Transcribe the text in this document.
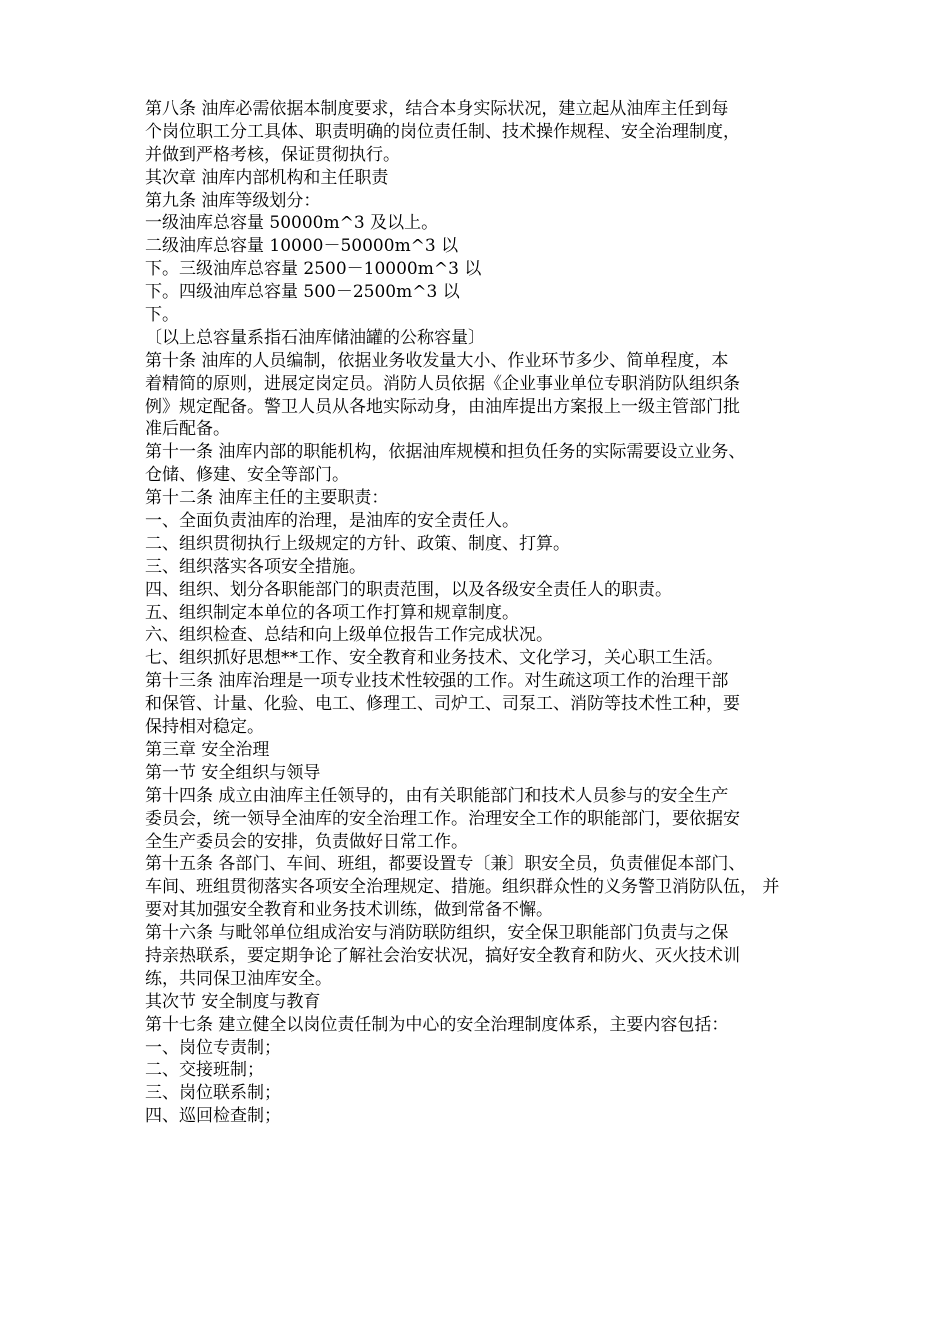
第八条 油库必需依据本制度要求，结合本身实际状况，建立起从油库主任到每
个岗位职工分工具体、职责明确的岗位责任制、技术操作规程、安全治理制度，
并做到严格考核，保证贯彻执行。
其次章 油库内部机构和主任职责
第九条 油库等级划分：
一级油库总容量 50000m^3 及以上。
二级油库总容量 10000－50000m^3 以
下。三级油库总容量 2500－10000m^3 以
下。四级油库总容量 500－2500m^3 以
下。
〔以上总容量系指石油库储油罐的公称容量〕
第十条 油库的人员编制，依据业务收发量大小、作业环节多少、简单程度，本
着精简的原则，进展定岗定员。消防人员依据《企业事业单位专职消防队组织条
例》规定配备。警卫人员从各地实际动身，由油库提出方案报上一级主管部门批
准后配备。
第十一条 油库内部的职能机构，依据油库规模和担负任务的实际需要设立业务、
仓储、修建、安全等部门。
第十二条 油库主任的主要职责：
一、全面负责油库的治理，是油库的安全责任人。
二、组织贯彻执行上级规定的方针、政策、制度、打算。
三、组织落实各项安全措施。
四、组织、划分各职能部门的职责范围，以及各级安全责任人的职责。
五、组织制定本单位的各项工作打算和规章制度。
六、组织检查、总结和向上级单位报告工作完成状况。
七、组织抓好思想**工作、安全教育和业务技术、文化学习，关心职工生活。
第十三条 油库治理是一项专业技术性较强的工作。对生疏这项工作的治理干部
和保管、计量、化验、电工、修理工、司炉工、司泵工、消防等技术性工种，要
保持相对稳定。
第三章 安全治理
第一节 安全组织与领导
第十四条 成立由油库主任领导的，由有关职能部门和技术人员参与的安全生产
委员会，统一领导全油库的安全治理工作。治理安全工作的职能部门，要依据安
全生产委员会的安排，负责做好日常工作。
第十五条 各部门、车间、班组，都要设置专〔兼〕职安全员，负责催促本部门、
车间、班组贯彻落实各项安全治理规定、措施。组织群众性的义务警卫消防队伍， 并
要对其加强安全教育和业务技术训练，做到常备不懈。
第十六条 与毗邻单位组成治安与消防联防组织，安全保卫职能部门负责与之保
持亲热联系，要定期争论了解社会治安状况，搞好安全教育和防火、灭火技术训
练，共同保卫油库安全。
其次节 安全制度与教育
第十七条 建立健全以岗位责任制为中心的安全治理制度体系，主要内容包括：
一、岗位专责制；
二、交接班制；
三、岗位联系制；
四、巡回检查制；
